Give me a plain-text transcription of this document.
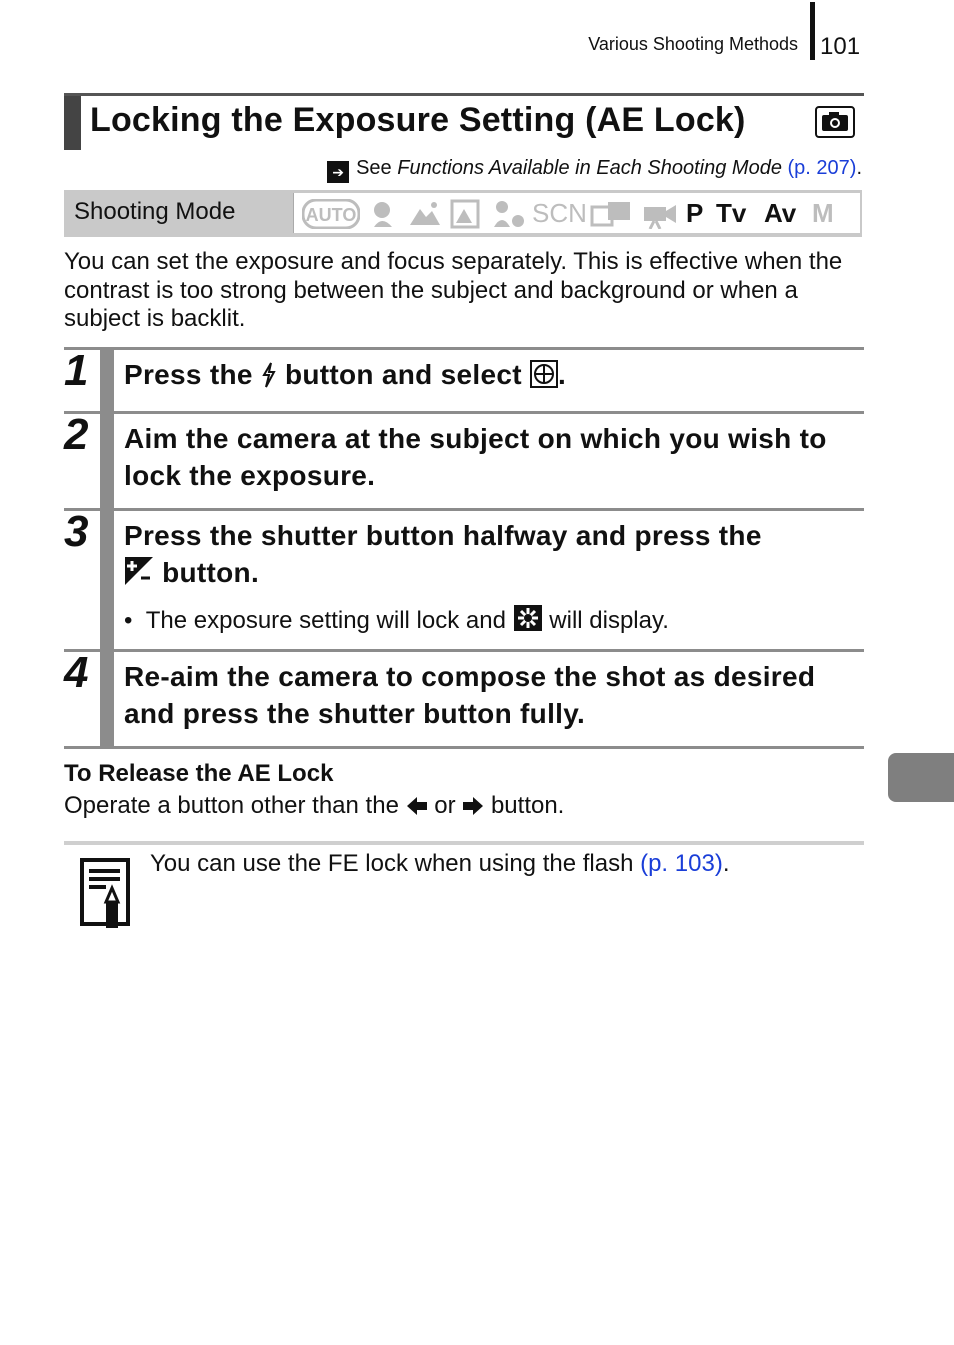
Various Shooting Methods 101
Locking the Exposure Setting (AE Lock)
➔ See Functions Available in Each Shooting Mode (p. 207).
Shooting Mode	AUTO	SCN	P Tv Av M
You can set the exposure and focus separately. This is effective when the contrast is too strong between the subject and background or when a subject is backlit.
1 Press the button and select .
2 Aim the camera at the subject on which you wish to lock the exposure.
3 Press the shutter button halfway and press the
button.
•  The exposure setting will lock and will display.
4 Re-aim the camera to compose the shot as desired and press the shutter button fully.
To Release the AE Lock
Operate a button other than the or button.
You can use the FE lock when using the flash (p. 103).
